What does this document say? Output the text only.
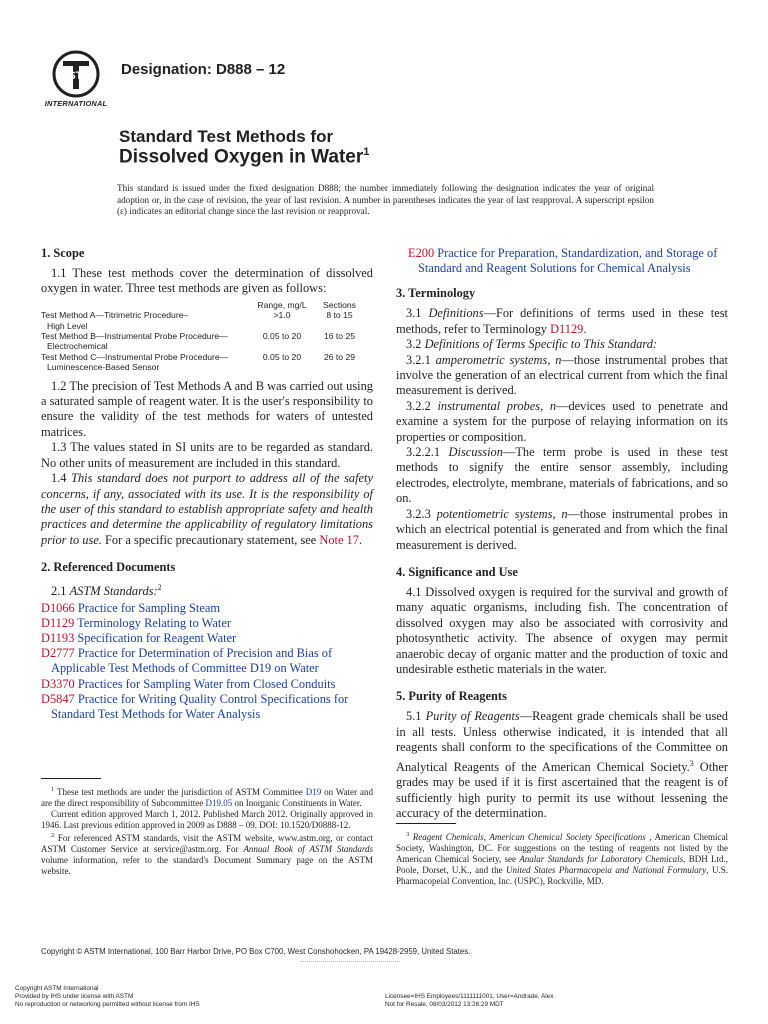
ASTM
INTERNATIONAL
Designation: D888 – 12
Standard Test Methods for
Dissolved Oxygen in Water$^1$
This standard is issued under the fixed designation D888; the number immediately following the designation indicates the year of original adoption or, in the case of revision, the year of last revision. A number in parentheses indicates the year of last reapproval. A superscript epsilon (ε) indicates an editorial change since the last revision or reapproval.

1. Scope

1.1 These test methods cover the determination of dissolved oxygen in water. Three test methods are given as follows:

	Range, mg/L	Sections
Test Method A—Titrimetric Procedure–
High Level	>1.0	8 to 15
Test Method B—Instrumental Probe Procedure—
Electrochemical	0.05 to 20	16 to 25
Test Method C—Instrumental Probe Procedure—
Luminescence-Based Sensor	0.05 to 20	26 to 29

1.2 The precision of Test Methods A and B was carried out using a saturated sample of reagent water. It is the user's responsibility to ensure the validity of the test methods for waters of untested matrices.

1.3 The values stated in SI units are to be regarded as standard. No other units of measurement are included in this standard.

1.4 This standard does not purport to address all of the safety concerns, if any, associated with its use. It is the responsibility of the user of this standard to establish appropriate safety and health practices and determine the applicability of regulatory limitations prior to use. For a specific precautionary statement, see Note 17.

2. Referenced Documents

2.1 ASTM Standards:$^2$

D1066 Practice for Sampling Steam

D1129 Terminology Relating to Water

D1193 Specification for Reagent Water

D2777 Practice for Determination of Precision and Bias of Applicable Test Methods of Committee D19 on Water

D3370 Practices for Sampling Water from Closed Conduits

D5847 Practice for Writing Quality Control Specifications for Standard Test Methods for Water Analysis

$^1$ These test methods are under the jurisdiction of ASTM Committee D19 on Water and are the direct responsibility of Subcommittee D19.05 on Inorganic Constituents in Water.

Current edition approved March 1, 2012. Published March 2012. Originally approved in 1946. Last previous edition approved in 2009 as D888 – 09. DOI: 10.1520/D0888-12.

$^2$ For referenced ASTM standards, visit the ASTM website, www.astm.org, or contact ASTM Customer Service at service@astm.org. For Annual Book of ASTM Standards volume information, refer to the standard's Document Summary page on the ASTM website.

E200 Practice for Preparation, Standardization, and Storage of Standard and Reagent Solutions for Chemical Analysis

3. Terminology

3.1 Definitions—For definitions of terms used in these test methods, refer to Terminology D1129.

3.2 Definitions of Terms Specific to This Standard:

3.2.1 amperometric systems, n—those instrumental probes that involve the generation of an electrical current from which the final measurement is derived.

3.2.2 instrumental probes, n—devices used to penetrate and examine a system for the purpose of relaying information on its properties or composition.

3.2.2.1 Discussion—The term probe is used in these test methods to signify the entire sensor assembly, including electrodes, electrolyte, membrane, materials of fabrications, and so on.

3.2.3 potentiometric systems, n—those instrumental probes in which an electrical potential is generated and from which the final measurement is derived.

4. Significance and Use

4.1 Dissolved oxygen is required for the survival and growth of many aquatic organisms, including fish. The concentration of dissolved oxygen may also be associated with corrosivity and photosynthetic activity. The absence of oxygen may permit anaerobic decay of organic matter and the production of toxic and undesirable esthetic materials in the water.

5. Purity of Reagents

5.1 Purity of Reagents—Reagent grade chemicals shall be used in all tests. Unless otherwise indicated, it is intended that all reagents shall conform to the specifications of the Committee on Analytical Reagents of the American Chemical Society.$^3$ Other grades may be used if it is first ascertained that the reagent is of sufficiently high purity to permit its use without lessening the accuracy of the determination.

$^3$ Reagent Chemicals, American Chemical Society Specifications , American Chemical Society, Washington, DC. For suggestions on the testing of reagents not listed by the American Chemical Society, see Analar Standards for Laboratory Chemicals, BDH Ltd., Poole, Dorset, U.K., and the United States Pharmacopeia and National Formulary, U.S. Pharmacopeial Convention, Inc. (USPC), Rockville, MD.

Copyright © ASTM International, 100 Barr Harbor Drive, PO Box C700, West Conshohocken, PA 19428-2959, United States.
Copyright ASTM International
Provided by IHS under license with ASTM
No reproduction or networking permitted without license from IHS
Licensee=IHS Employees/1111111001, User=Andrade, Alex
Not for Resale, 08/03/2012 13:26:29 MDT
